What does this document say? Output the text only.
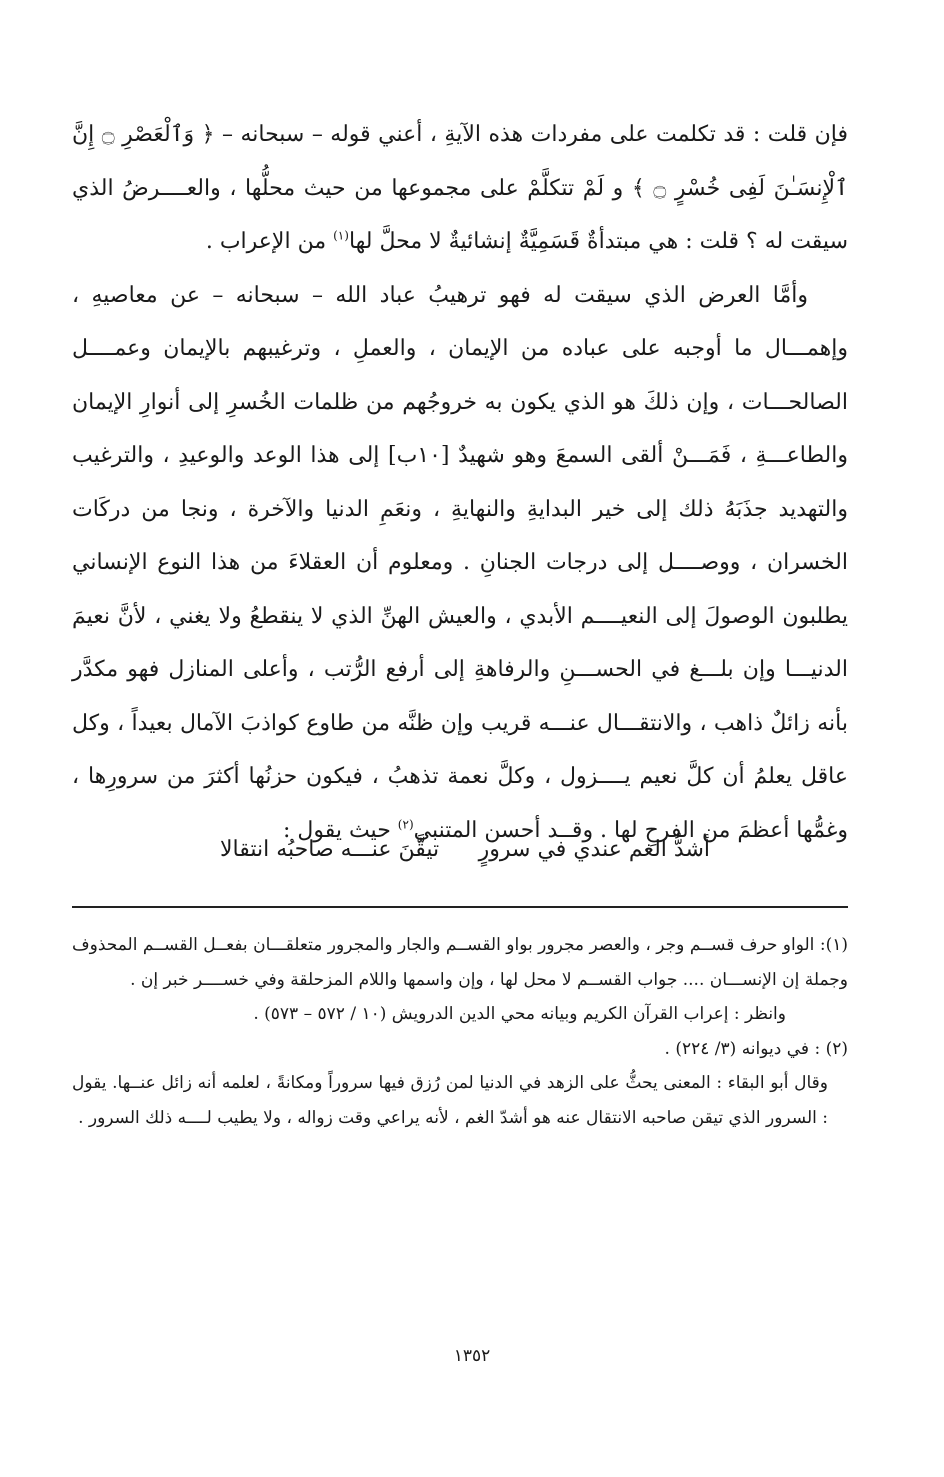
فإن قلت : قد تكلمت على مفردات هذه الآيةِ ، أعني قوله – سبحانه – ﴿ وَٱلْعَصْرِ ۝ إِنَّ ٱلْإِنسَـٰنَ لَفِى خُسْرٍ ۝ ﴾ و لَمْ تتكلَّمْ على مجموعها من حيث محلُّها ، والعــــرضُ الذي سيقت له ؟ قلت : هي مبتدأةٌ قَسَمِيَّةٌ إنشائيةٌ لا محلَّ لها$^{(١)}$ من الإعراب .

وأمَّا العرض الذي سيقت له فهو ترهيبُ عباد الله – سبحانه – عن معاصيهِ ، وإهمـــال ما أوجبه على عباده من الإيمان ، والعملِ ، وترغيبهم بالإيمان وعمــــل الصالحـــات ، وإن ذلكَ هو الذي يكون به خروجُهم من ظلمات الخُسرِ إلى أنوارِ الإيمان والطاعـــةِ ، فَمَـــنْ ألقى السمعَ وهو شهيدٌ [١٠ب] إلى هذا الوعد والوعيدِ ، والترغيب والتهديد جذَبَهُ ذلك إلى خير البدايةِ والنهايةِ ، ونعَمِ الدنيا والآخرة ، ونجا من دركَات الخسران ، ووصــــل إلى درجات الجنانِ . ومعلوم أن العقلاءَ من هذا النوع الإنساني يطلبون الوصولَ إلى النعيــــم الأبدي ، والعيش الهنِّ الذي لا ينقطعُ ولا يغني ، لأنَّ نعيمَ الدنيـــا وإن بلـــغ في الحســـنِ والرفاهةِ إلى أرفع الرُّتب ، وأعلى المنازل فهو مكدَّر بأنه زائلٌ ذاهب ، والانتقـــال عنـــه قريب وإن ظنَّه من طاوع كواذبَ الآمال بعيداً ، وكل عاقل يعلمُ أن كلَّ نعيم يــــزول ، وكلَّ نعمة تذهبُ ، فيكون حزنُها أكثرَ من سرورِها ، وغمُّها أعظمَ من الفرحِ لها . وقــد أحسن المتنبي$^{(٢)}$ حيث يقول :

أشدُّ الغم عندي في سرورٍ
تيقَّنَ عنـــه صاحبُه انتقالا

(١): الواو حرف قســم وجر ، والعصر مجرور بواو القســم والجار والمجرور متعلقـــان بفعــل القســم المحذوف وجملة إن الإنســـان .... جواب القســم لا محل لها ، وإن واسمها واللام المزحلقة وفي خســــر خبر إن .

وانظر : إعراب القرآن الكريم وبيانه محي الدين الدرويش (١٠ / ٥٧٢ – ٥٧٣) .

(٢) : في ديوانه (٣/ ٢٢٤) .

وقال أبو البقاء : المعنى يحثُّ على الزهد في الدنيا لمن رُزق فيها سروراً ومكانةً ، لعلمه أنه زائل عنــها. يقول : السرور الذي تيقن صاحبه الانتقال عنه هو أشدّ الغم ، لأنه يراعي وقت زواله ، ولا يطيب لــــه ذلك السرور .

١٣٥٢
